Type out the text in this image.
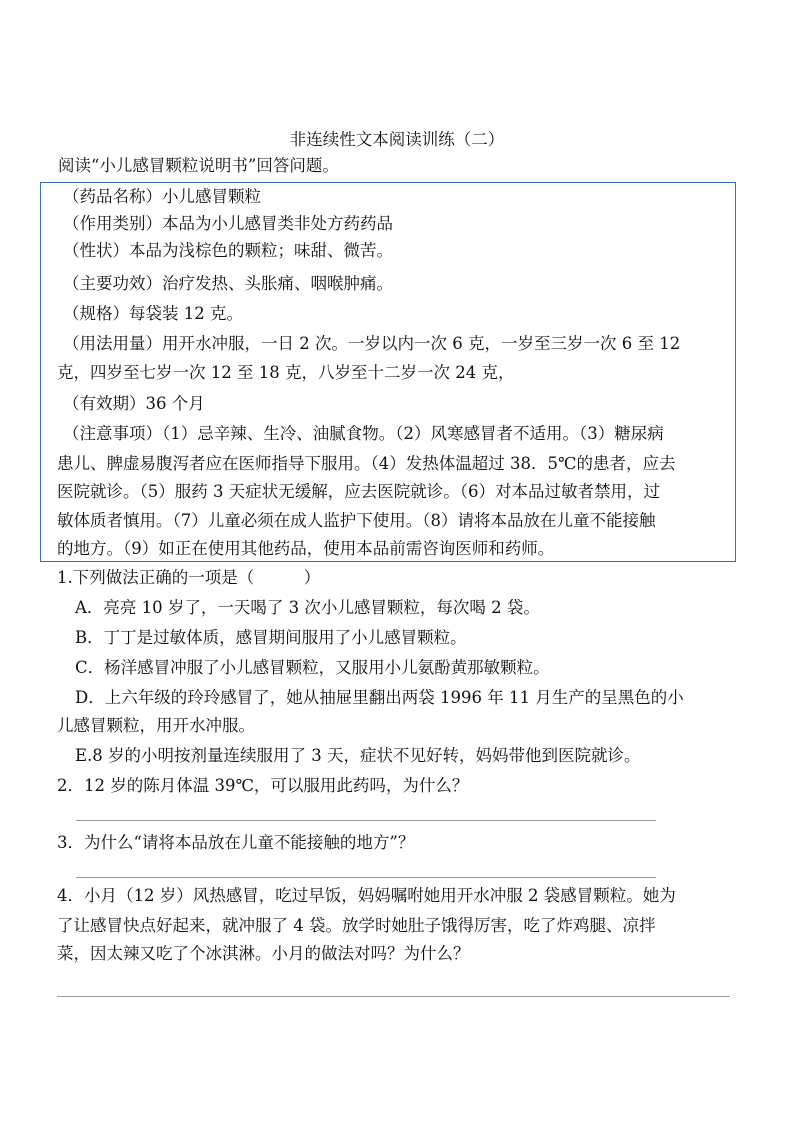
非连续性文本阅读训练（二）
阅读“小儿感冒颗粒说明书”回答问题。
（药品名称）小儿感冒颗粒
（作用类别）本品为小儿感冒类非处方药药品
（性状）本品为浅棕色的颗粒；味甜、微苦。
（主要功效）治疗发热、头胀痛、咽喉肿痛。
（规格）每袋装 12 克。
（用法用量）用开水冲服，一日 2 次。一岁以内一次 6 克，一岁至三岁一次 6 至 12
克，四岁至七岁一次 12 至 18 克，八岁至十二岁一次 24 克，
（有效期）36 个月
（注意事项）（1）忌辛辣、生冷、油腻食物。（2）风寒感冒者不适用。（3）糖尿病
患儿、脾虚易腹泻者应在医师指导下服用。（4）发热体温超过 38．5℃的患者，应去
医院就诊。（5）服药 3 天症状无缓解，应去医院就诊。（6）对本品过敏者禁用，过
敏体质者慎用。（7）儿童必须在成人监护下使用。（8）请将本品放在儿童不能接触
的地方。（9）如正在使用其他药品，使用本品前需咨询医师和药师。
1.下列做法正确的一项是（　　　）
A．亮亮 10 岁了，一天喝了 3 次小儿感冒颗粒，每次喝 2 袋。
B．丁丁是过敏体质，感冒期间服用了小儿感冒颗粒。
C．杨洋感冒冲服了小儿感冒颗粒，又服用小儿氨酚黄那敏颗粒。
D．上六年级的玲玲感冒了，她从抽屉里翻出两袋 1996 年 11 月生产的呈黑色的小
儿感冒颗粒，用开水冲服。
E.8 岁的小明按剂量连续服用了 3 天，症状不见好转，妈妈带他到医院就诊。
2．12 岁的陈月体温 39℃，可以服用此药吗，为什么？
3．为什么“请将本品放在儿童不能接触的地方”？
4．小月（12 岁）风热感冒，吃过早饭，妈妈嘱咐她用开水冲服 2 袋感冒颗粒。她为
了让感冒快点好起来，就冲服了 4 袋。放学时她肚子饿得厉害，吃了炸鸡腿、凉拌
菜，因太辣又吃了个冰淇淋。小月的做法对吗？为什么？
